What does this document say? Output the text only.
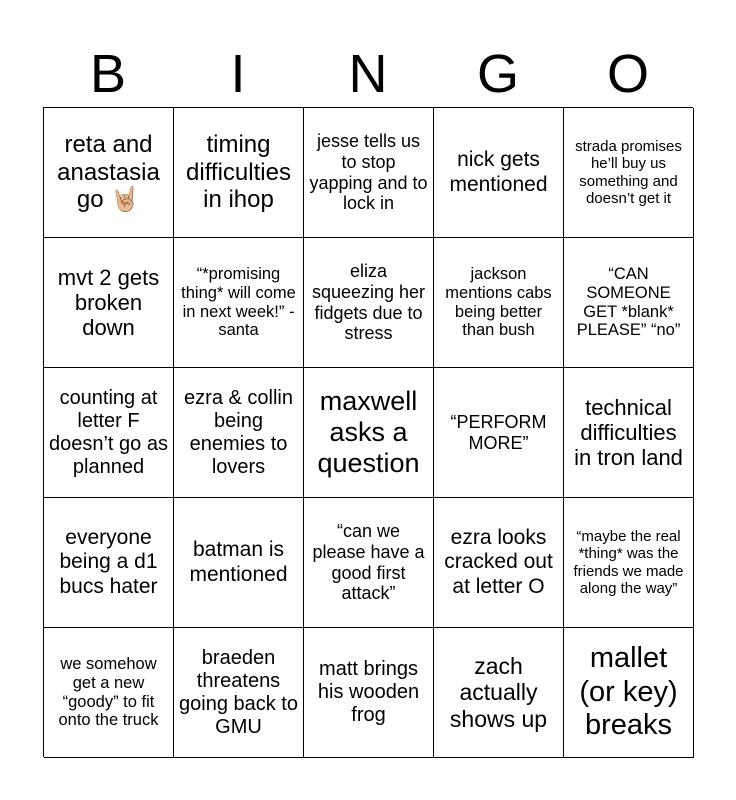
B	I	N	G	O
reta and anastasia go 🤘🏼
timing difficulties in ihop
jesse tells us to stop yapping and to lock in
nick gets mentioned
strada promises he’ll buy us something and doesn’t get it
mvt 2 gets broken down
“*promising thing* will come in next week!” - santa
eliza squeezing her fidgets due to stress
jackson mentions cabs being better than bush
“CAN SOMEONE GET *blank* PLEASE” “no”
counting at letter F doesn’t go as planned
ezra & collin being enemies to lovers
maxwell asks a question
“PERFORM MORE”
technical difficulties in tron land
everyone being a d1 bucs hater
batman is mentioned
“can we please have a good first attack”
ezra looks cracked out at letter O
“maybe the real *thing* was the friends we made along the way”
we somehow get a new “goody” to fit onto the truck
braeden threatens going back to GMU
matt brings his wooden frog
zach actually shows up
mallet (or key) breaks
